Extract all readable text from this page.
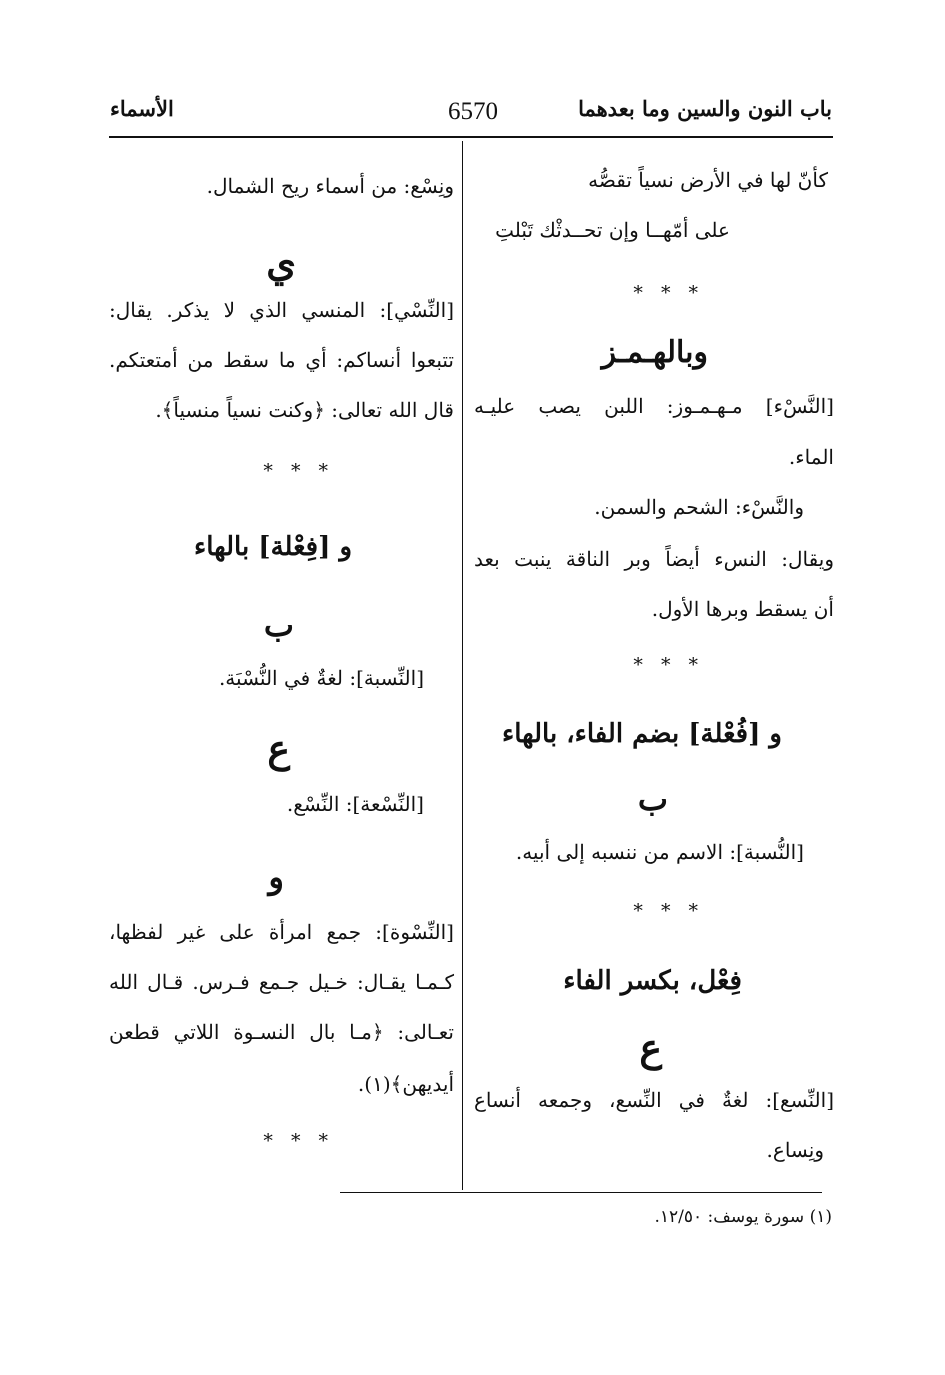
باب النون والسين وما بعدهما
6570
الأسماء
كأنّ لها في الأرض نسياً تقصُّه
على أمّهــا وإن تحــدثْك تَبْلتِ
* * *
وبالهـمـز
[النَّسْء] مـهـمـوز: اللبن يصب عليـه
الماء.
والنَّسْء: الشحم والسمن.
ويقال: النسء أيضاً وبر الناقة ينبت بعد
أن يسقط وبرها الأول.
* * *
و [فُعْلة] بضم الفاء، بالهاء
ب
[النُّسبة]: الاسم من ننسبه إلى أبيه.
* * *
فِعْل، بكسر الفاء
ع
[النِّسع]: لغةٌ في النِّسع، وجمعه أنساع
ونِساع.
ونِسْع: من أسماء ريح الشمال.
ي
[النِّسْي]: المنسي الذي لا يذكر. يقال:
تتبعوا أنساكم: أي ما سقط من أمتعتكم.
قال الله تعالى: ﴿وكنت نسياً منسياً﴾.
* * *
و [فِعْلة] بالهاء
ب
[النِّسبة]: لغةٌ في النُّسْبَة.
ع
[النِّسْعة]: النِّسْع.
و
[النِّسْوة]: جمع امرأة على غير لفظها،
كـمـا يقـال: خـيل جـمع فـرس. قـال الله
تعـالى: ﴿مـا بال النسـوة اللاتي قطعن
أيديهن﴾(١).
* * *
(١) سورة يوسف: ١٢/٥٠.
